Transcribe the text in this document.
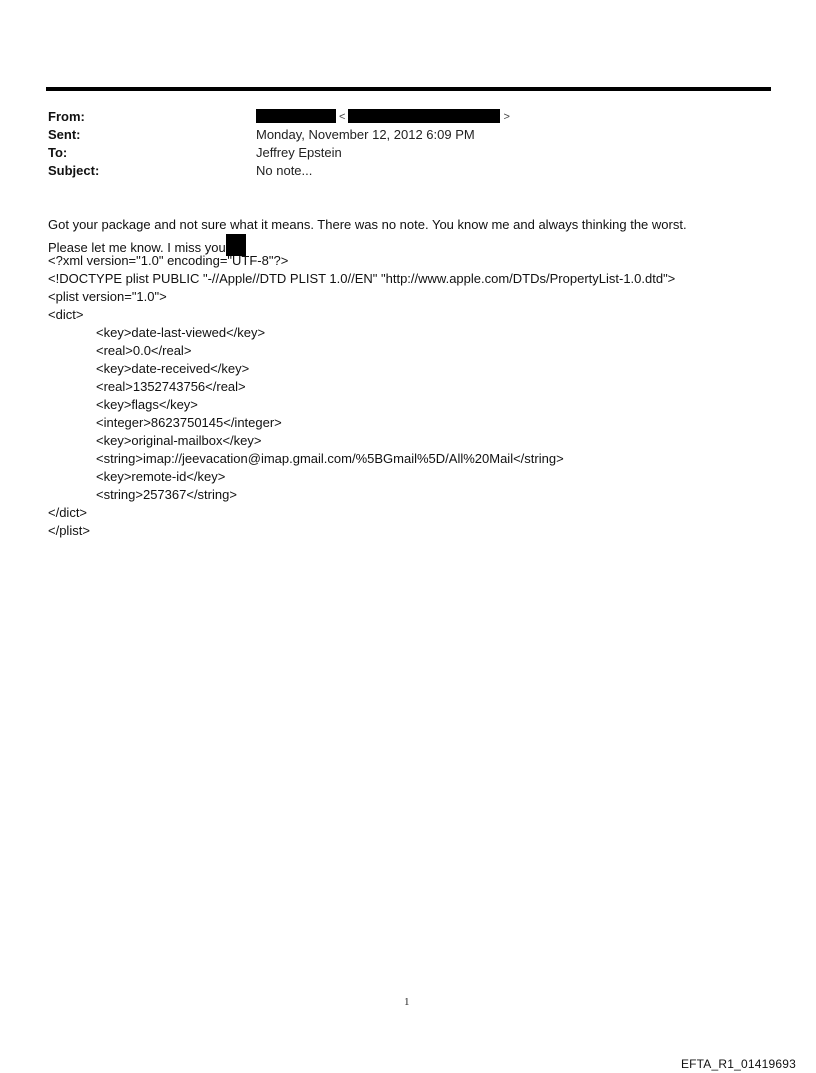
From:	<	>
Sent:	Monday, November 12, 2012 6:09 PM
To:	Jeffrey Epstein
Subject:	No note...
Got your package and not sure what it means. There was no note. You know me and always thinking the worst.
Please let me know. I miss you
<?xml version="1.0" encoding="UTF-8"?>
<!DOCTYPE plist PUBLIC "-//Apple//DTD PLIST 1.0//EN" "http://www.apple.com/DTDs/PropertyList-1.0.dtd">
<plist version="1.0">
<dict>
<key>date-last-viewed</key>
<real>0.0</real>
<key>date-received</key>
<real>1352743756</real>
<key>flags</key>
<integer>8623750145</integer>
<key>original-mailbox</key>
<string>imap://jeevacation@imap.gmail.com/%5BGmail%5D/All%20Mail</string>
<key>remote-id</key>
<string>257367</string>
</dict>
</plist>
1
EFTA_R1_01419693
